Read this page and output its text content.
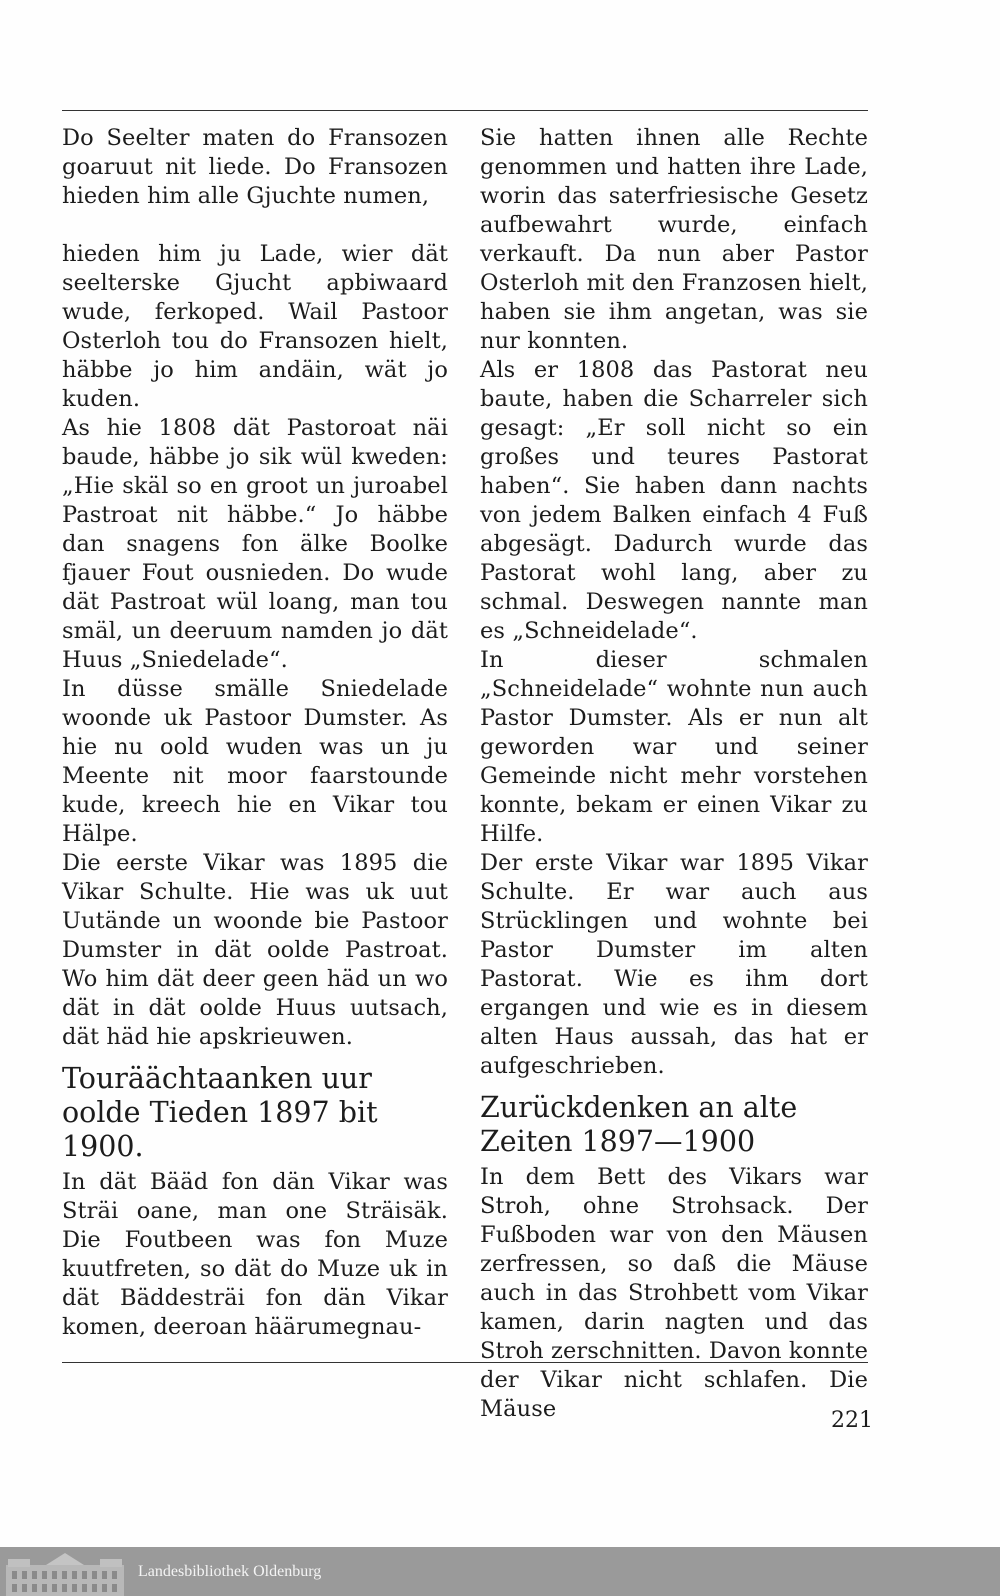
Do Seelter maten do Fransozen goaruut nit liede. Do Fransozen hieden him alle Gjuchte numen,

hieden him ju Lade, wier dät seelterske Gjucht apbiwaard wude, ferkoped. Wail Pastoor Osterloh tou do Fransozen hielt, häbbe jo him andäin, wät jo kuden.

As hie 1808 dät Pastoroat näi baude, häbbe jo sik wül kweden: „Hie skäl so en groot un juroabel Pastroat nit häbbe.“ Jo häbbe dan snagens fon älke Boolke fjauer Fout ousnieden. Do wude dät Pastroat wül loang, man tou smäl, un deeruum namden jo dät Huus „Sniedelade“.

In düsse smälle Sniedelade woonde uk Pastoor Dumster. As hie nu oold wuden was un ju Meente nit moor faarstounde kude, kreech hie en Vikar tou Hälpe.

Die eerste Vikar was 1895 die Vikar Schulte. Hie was uk uut Uutände un woonde bie Pastoor Dumster in dät oolde Pastroat. Wo him dät deer geen häd un wo dät in dät oolde Huus uutsach, dät häd hie apskrieuwen.

Touräächtaanken uur oolde Tieden 1897 bit 1900.

In dät Bääd fon dän Vikar was Sträi oane, man one Sträisäk. Die Foutbeen was fon Muze kuutfreten, so dät do Muze uk in dät Bäddesträi fon dän Vikar komen, deeroan häärumegnau-

Sie hatten ihnen alle Rechte genommen und hatten ihre Lade, worin das saterfriesische Gesetz aufbewahrt wurde, einfach verkauft. Da nun aber Pastor Osterloh mit den Franzosen hielt, haben sie ihm angetan, was sie nur konnten.

Als er 1808 das Pastorat neu baute, haben die Scharreler sich gesagt: „Er soll nicht so ein großes und teures Pastorat haben“. Sie haben dann nachts von jedem Balken einfach 4 Fuß abgesägt. Dadurch wurde das Pastorat wohl lang, aber zu schmal. Deswegen nannte man es „Schneidelade“.

In dieser schmalen „Schneidelade“ wohnte nun auch Pastor Dumster. Als er nun alt geworden war und seiner Gemeinde nicht mehr vorstehen konnte, bekam er einen Vikar zu Hilfe.

Der erste Vikar war 1895 Vikar Schulte. Er war auch aus Strücklingen und wohnte bei Pastor Dumster im alten Pastorat. Wie es ihm dort ergangen und wie es in diesem alten Haus aussah, das hat er aufgeschrieben.

Zurückdenken an alte Zeiten 1897—1900

In dem Bett des Vikars war Stroh, ohne Strohsack. Der Fußboden war von den Mäusen zerfressen, so daß die Mäuse auch in das Strohbett vom Vikar kamen, darin nagten und das Stroh zerschnitten. Davon konnte der Vikar nicht schlafen. Die Mäuse	221
Landesbibliothek Oldenburg
